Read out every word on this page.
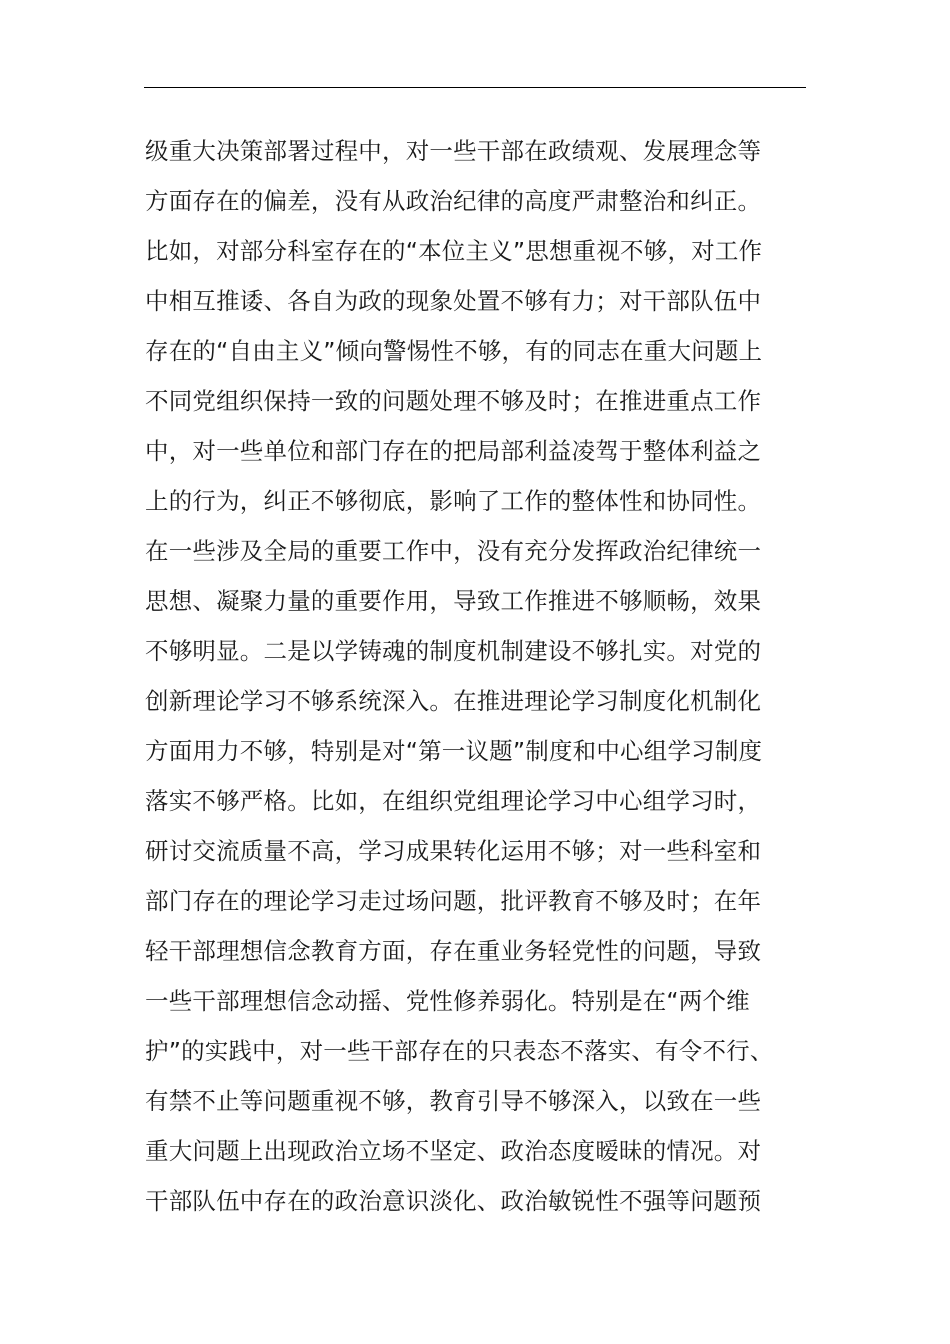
级重大决策部署过程中，对一些干部在政绩观、发展理念等
方面存在的偏差，没有从政治纪律的高度严肃整治和纠正。
比如，对部分科室存在的“本位主义”思想重视不够，对工作
中相互推诿、各自为政的现象处置不够有力；对干部队伍中
存在的“自由主义”倾向警惕性不够，有的同志在重大问题上
不同党组织保持一致的问题处理不够及时；在推进重点工作
中，对一些单位和部门存在的把局部利益凌驾于整体利益之
上的行为，纠正不够彻底，影响了工作的整体性和协同性。
在一些涉及全局的重要工作中，没有充分发挥政治纪律统一
思想、凝聚力量的重要作用，导致工作推进不够顺畅，效果
不够明显。二是以学铸魂的制度机制建设不够扎实。对党的
创新理论学习不够系统深入。在推进理论学习制度化机制化
方面用力不够，特别是对“第一议题”制度和中心组学习制度
落实不够严格。比如，在组织党组理论学习中心组学习时，
研讨交流质量不高，学习成果转化运用不够；对一些科室和
部门存在的理论学习走过场问题，批评教育不够及时；在年
轻干部理想信念教育方面，存在重业务轻党性的问题，导致
一些干部理想信念动摇、党性修养弱化。特别是在“两个维
护”的实践中，对一些干部存在的只表态不落实、有令不行、
有禁不止等问题重视不够，教育引导不够深入，以致在一些
重大问题上出现政治立场不坚定、政治态度暧昧的情况。对
干部队伍中存在的政治意识淡化、政治敏锐性不强等问题预
